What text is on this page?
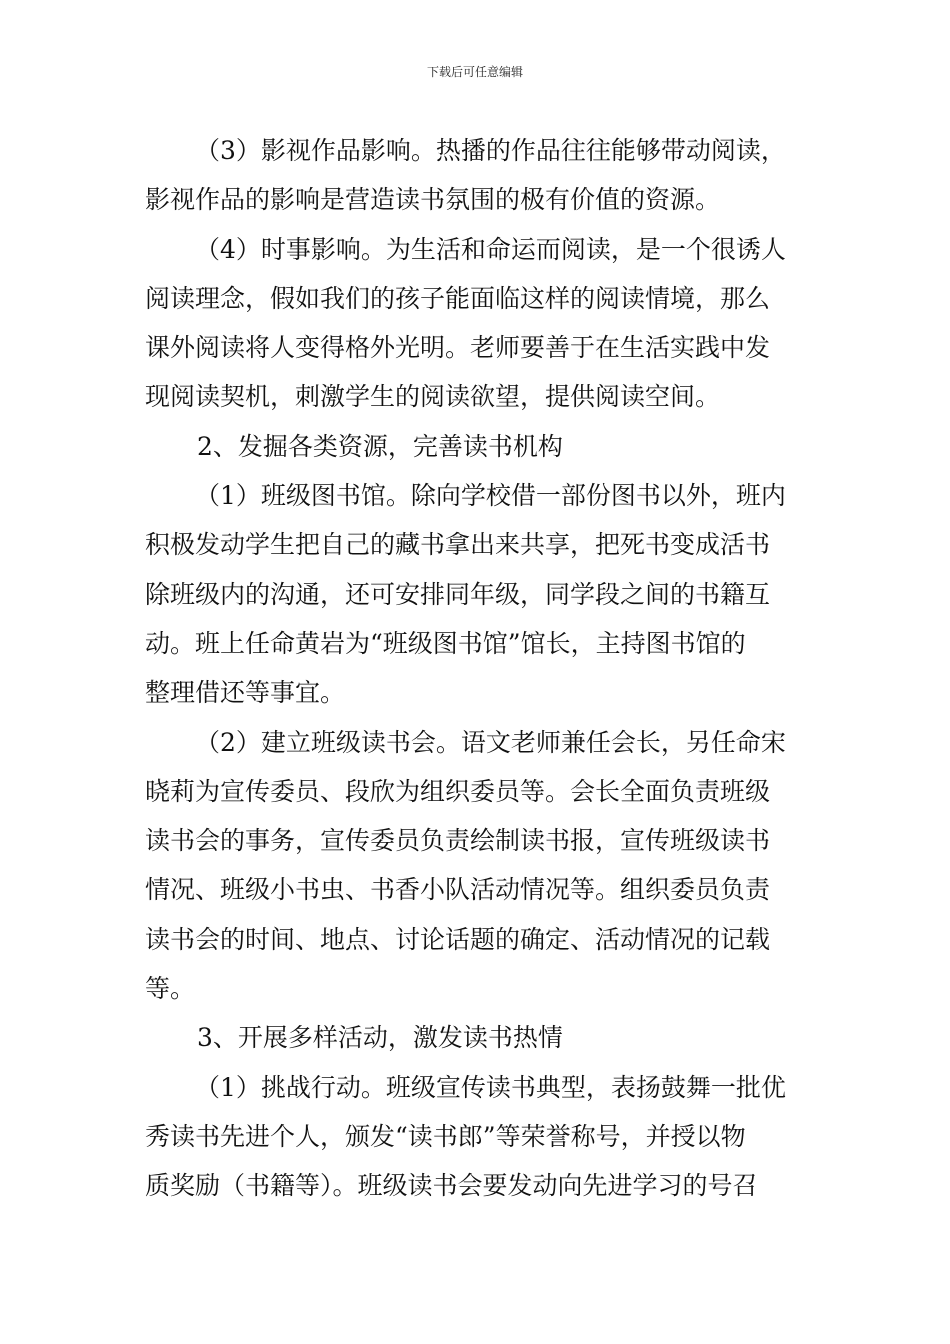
下载后可任意编辑
（3）影视作品影响。热播的作品往往能够带动阅读，
影视作品的影响是营造读书氛围的极有价值的资源。
（4）时事影响。为生活和命运而阅读，是一个很诱人
阅读理念，假如我们的孩子能面临这样的阅读情境，那么
课外阅读将人变得格外光明。老师要善于在生活实践中发
现阅读契机，刺激学生的阅读欲望，提供阅读空间。
2、发掘各类资源，完善读书机构
（1）班级图书馆。除向学校借一部份图书以外，班内
积极发动学生把自己的藏书拿出来共享，把死书变成活书
除班级内的沟通，还可安排同年级，同学段之间的书籍互
动。班上任命黄岩为“班级图书馆”馆长，主持图书馆的
整理借还等事宜。
（2）建立班级读书会。语文老师兼任会长，另任命宋
晓莉为宣传委员、段欣为组织委员等。会长全面负责班级
读书会的事务，宣传委员负责绘制读书报，宣传班级读书
情况、班级小书虫、书香小队活动情况等。组织委员负责
读书会的时间、地点、讨论话题的确定、活动情况的记载
等。
3、开展多样活动，激发读书热情
（1）挑战行动。班级宣传读书典型，表扬鼓舞一批优
秀读书先进个人，颁发“读书郎”等荣誉称号，并授以物
质奖励（书籍等）。班级读书会要发动向先进学习的号召
